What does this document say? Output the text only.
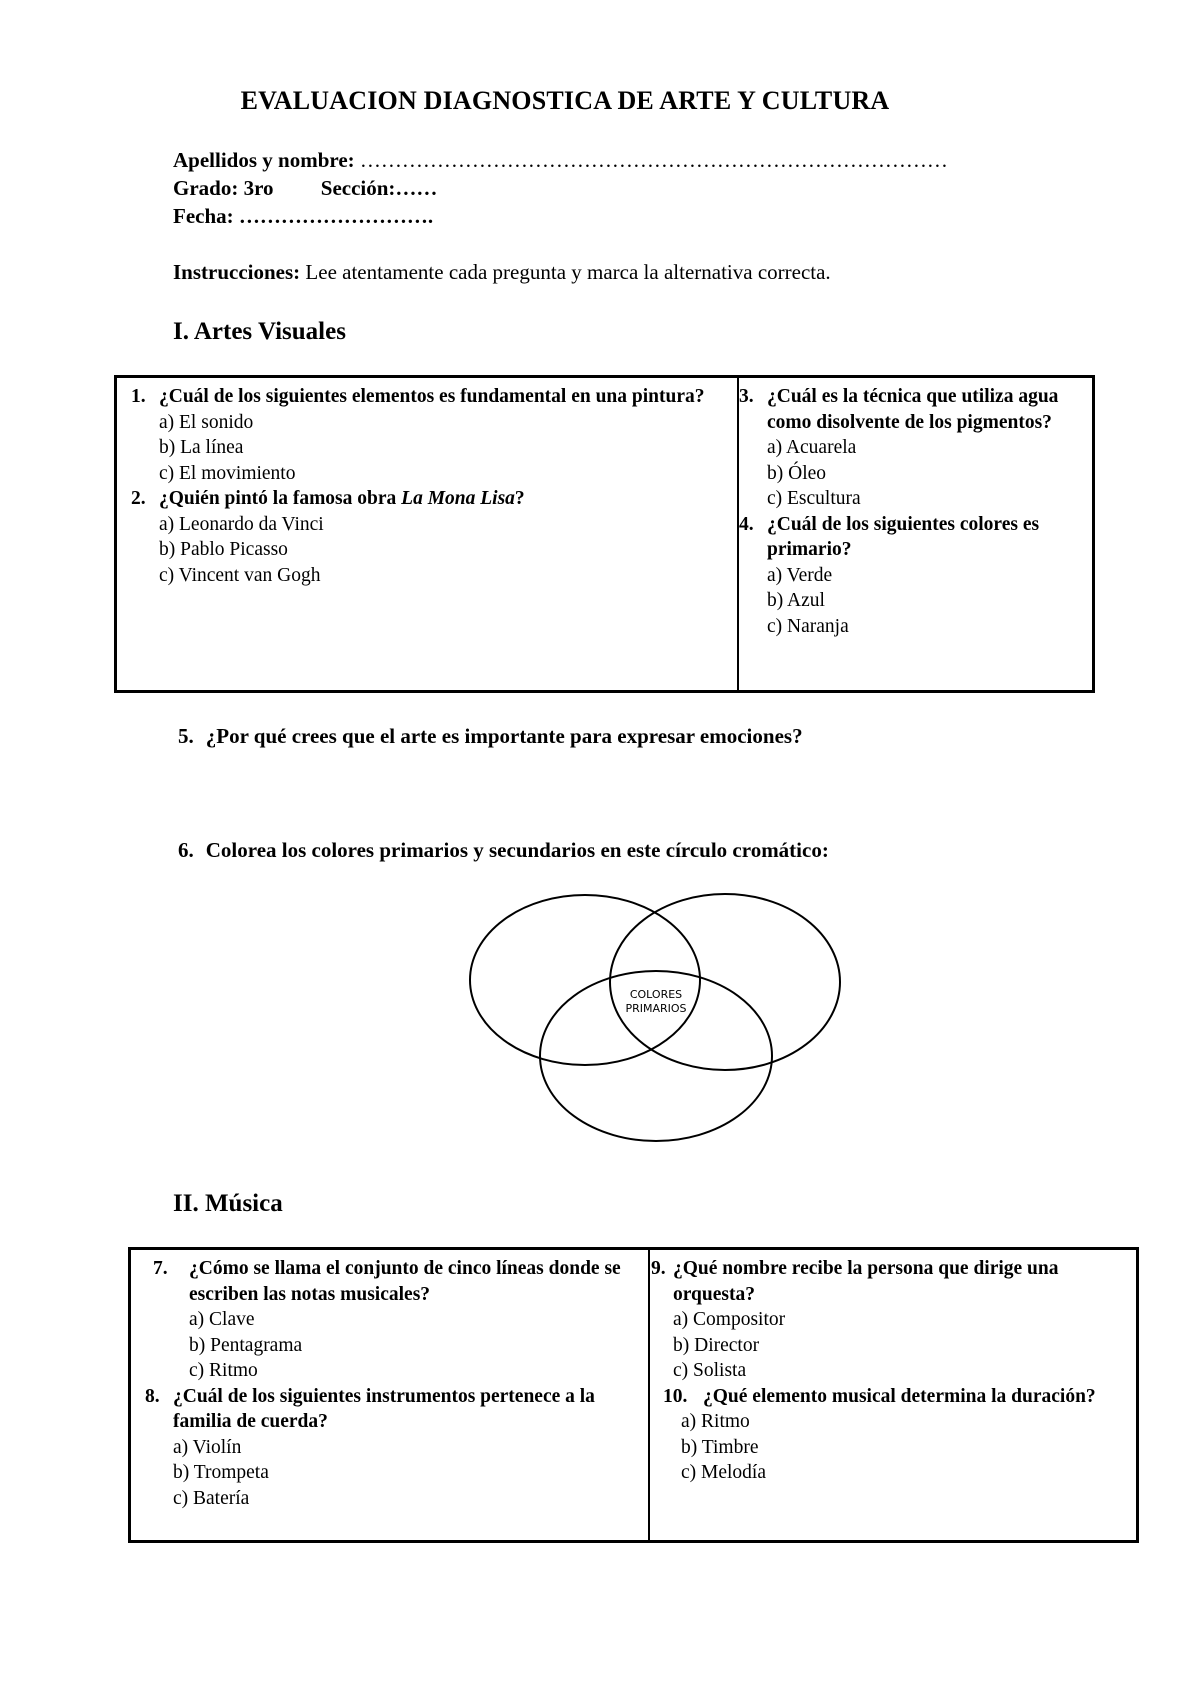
EVALUACION DIAGNOSTICA DE ARTE Y CULTURA
Apellidos y nombre: …………………………………………………………………………
Grado: 3ro Sección:……
Fecha: ……………………….
Instrucciones: Lee atentamente cada pregunta y marca la alternativa correcta.
I. Artes Visuales
1. ¿Cuál de los siguientes elementos es fundamental en una pintura?
a) El sonido
b) La línea
c) El movimiento
2. ¿Quién pintó la famosa obra La Mona Lisa?
a) Leonardo da Vinci
b) Pablo Picasso
c) Vincent van Gogh
3. ¿Cuál es la técnica que utiliza agua como disolvente de los pigmentos?
a) Acuarela
b) Óleo
c) Escultura
4. ¿Cuál de los siguientes colores es primario?
a) Verde
b) Azul
c) Naranja
5. ¿Por qué crees que el arte es importante para expresar emociones?
6. Colorea los colores primarios y secundarios en este círculo cromático:
COLORES
PRIMARIOS
II. Música
7. ¿Cómo se llama el conjunto de cinco líneas donde se escriben las notas musicales?
a) Clave
b) Pentagrama
c) Ritmo
8. ¿Cuál de los siguientes instrumentos pertenece a la familia de cuerda?
a) Violín
b) Trompeta
c) Batería
9. ¿Qué nombre recibe la persona que dirige una orquesta?
a) Compositor
b) Director
c) Solista
10. ¿Qué elemento musical determina la duración?
a) Ritmo
b) Timbre
c) Melodía
